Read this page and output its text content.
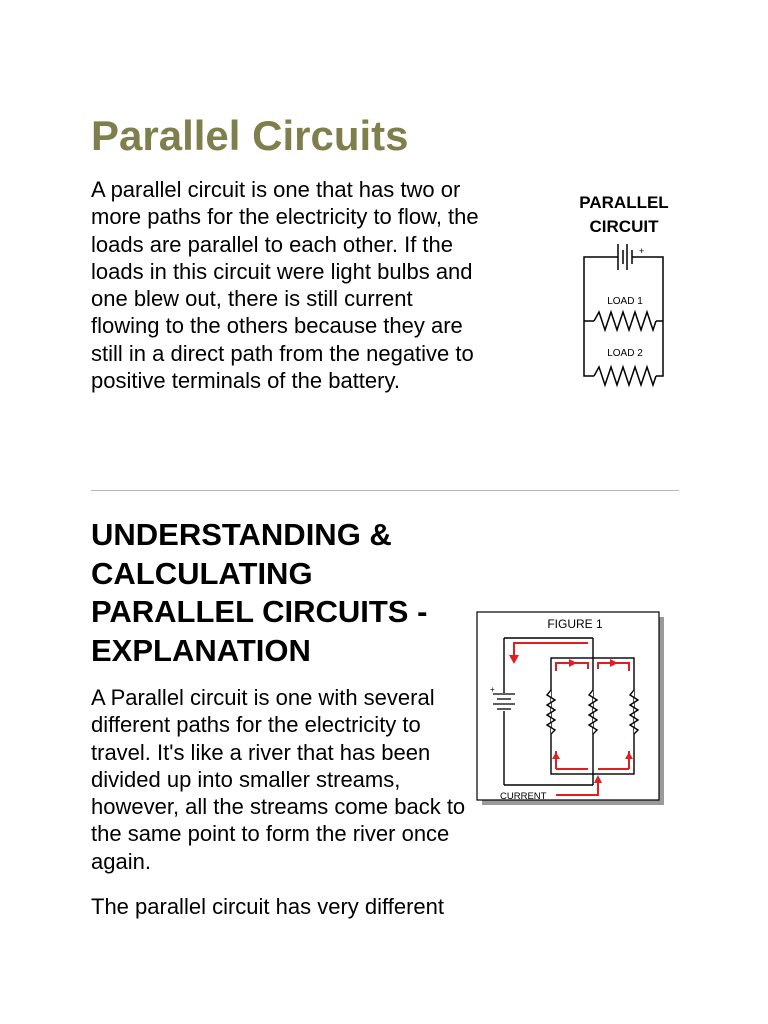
Parallel Circuits

A parallel circuit is one that has two or more paths for the electricity to flow, the loads are parallel to each other. If the loads in this circuit were light bulbs and one blew out, there is still current flowing to the others because they are still in a direct path from the negative to positive terminals of the battery.

PARALLEL
CIRCUIT
+
LOAD 1
LOAD 2
UNDERSTANDING & CALCULATING PARALLEL CIRCUITS - EXPLANATION

A Parallel circuit is one with several different paths for the electricity to travel. It's like a river that has been divided up into smaller streams, however, all the streams come back to the same point to form the river once again.

FIGURE 1
+
CURRENT

The parallel circuit has very different
